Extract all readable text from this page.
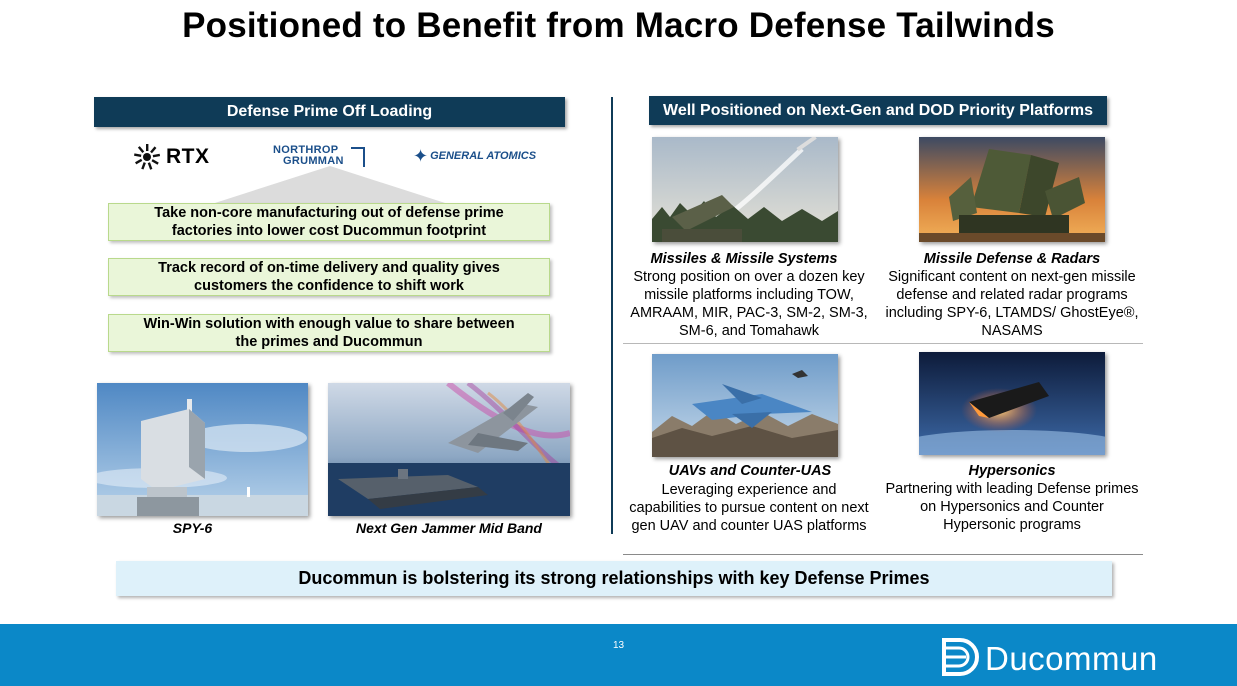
Positioned to Benefit from Macro Defense Tailwinds
Defense Prime Off Loading
RTX	NORTHROP
GRUMMAN	✦ GENERAL ATOMICS
Take non-core manufacturing out of defense prime
factories into lower cost Ducommun footprint
Track record of on-time delivery and quality gives
customers the confidence to shift work
Win-Win solution with enough value to share between
the primes and Ducommun
SPY-6	Next Gen Jammer Mid Band
Well Positioned on Next-Gen and DOD Priority Platforms
Missiles & Missile Systems
Strong position on over a dozen key
missile platforms including TOW,
AMRAAM, MIR, PAC-3, SM-2, SM-3,
SM-6, and Tomahawk
Missile Defense & Radars
Significant content on next-gen missile
defense and related radar programs
including SPY-6, LTAMDS/ GhostEye®,
NASAMS
UAVs and Counter-UAS
Leveraging experience and
capabilities to pursue content on next
gen UAV and counter UAS platforms
Hypersonics
Partnering with leading Defense primes
on Hypersonics and Counter
Hypersonic programs
Ducommun is bolstering its strong relationships with key Defense Primes
13	Ducommun
